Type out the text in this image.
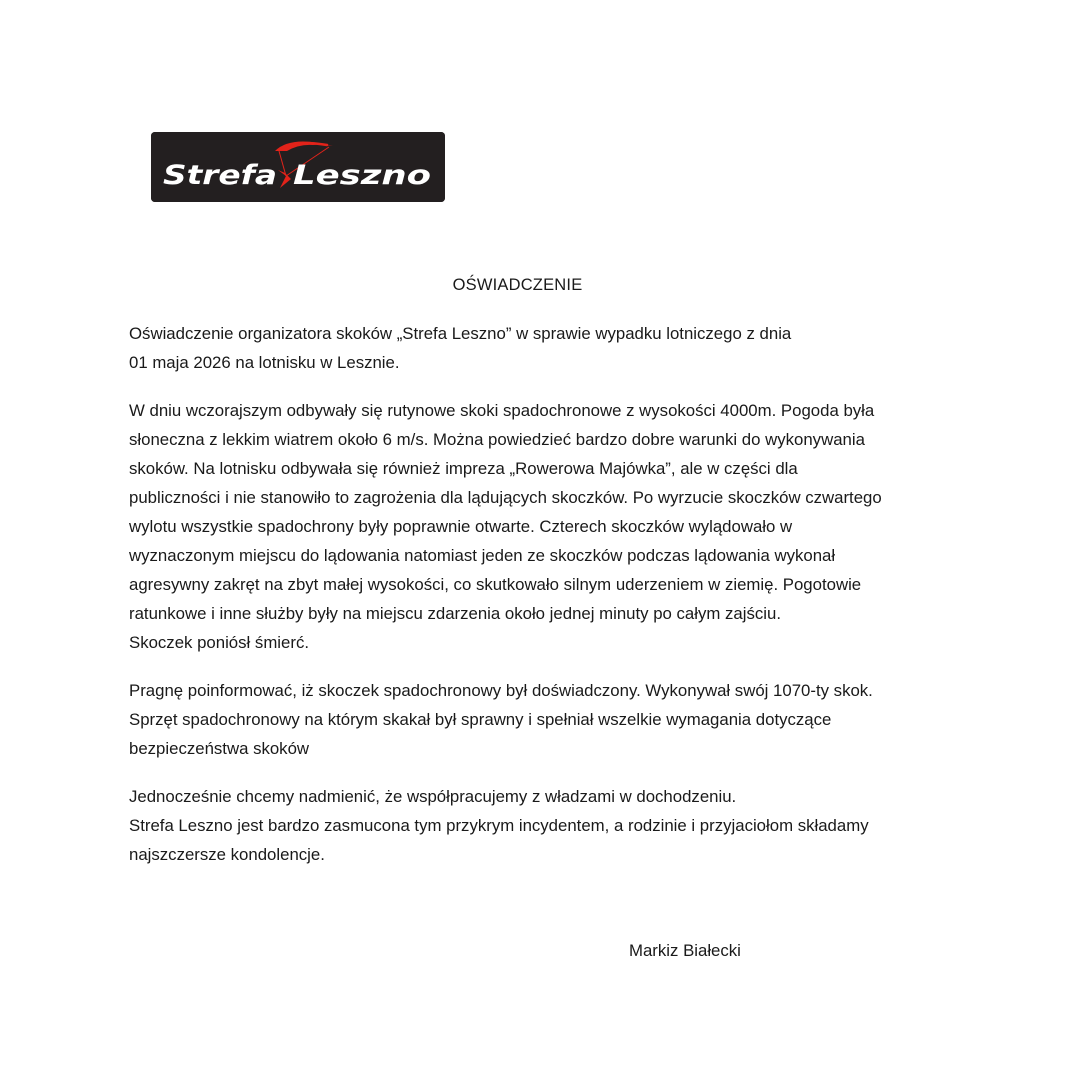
Strefa Leszno
OŚWIADCZENIE

Oświadczenie organizatora skoków „Strefa Leszno” w sprawie wypadku lotniczego z dnia

01 maja 2026 na lotnisku w Lesznie.

W dniu wczorajszym odbywały się rutynowe skoki spadochronowe z wysokości 4000m. Pogoda była

słoneczna z lekkim wiatrem około 6 m/s. Można powiedzieć bardzo dobre warunki do wykonywania

skoków. Na lotnisku odbywała się również impreza „Rowerowa Majówka”, ale w części dla

publiczności i nie stanowiło to zagrożenia dla lądujących skoczków. Po wyrzucie skoczków czwartego

wylotu wszystkie spadochrony były poprawnie otwarte. Czterech skoczków wylądowało w

wyznaczonym miejscu do lądowania natomiast jeden ze skoczków podczas lądowania wykonał

agresywny zakręt na zbyt małej wysokości, co skutkowało silnym uderzeniem w ziemię. Pogotowie

ratunkowe i inne służby były na miejscu zdarzenia około jednej minuty po całym zajściu.

Skoczek poniósł śmierć.

Pragnę poinformować, iż skoczek spadochronowy był doświadczony. Wykonywał swój 1070-ty skok.

Sprzęt spadochronowy na którym skakał był sprawny i spełniał wszelkie wymagania dotyczące

bezpieczeństwa skoków

Jednocześnie chcemy nadmienić, że współpracujemy z władzami w dochodzeniu.

Strefa Leszno jest bardzo zasmucona tym przykrym incydentem, a rodzinie i przyjaciołom składamy

najszczersze kondolencje.

Markiz Białecki
